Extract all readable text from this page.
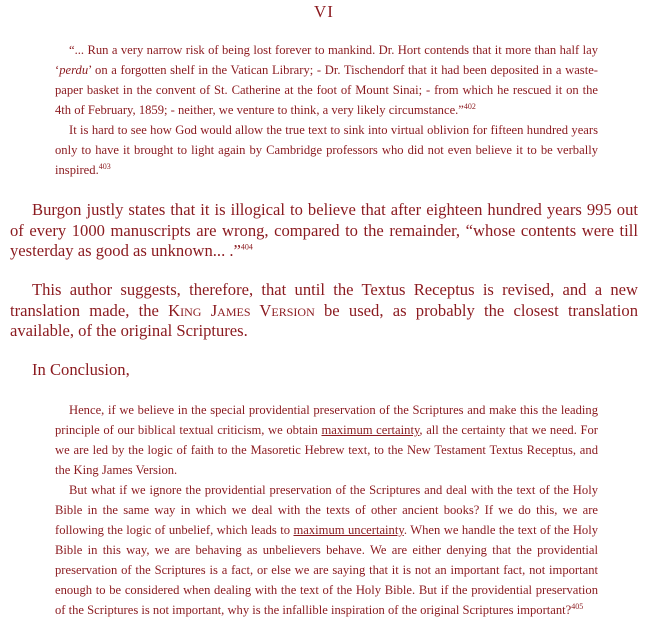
VI

“... Run a very narrow risk of being lost forever to mankind. Dr. Hort contends that it more than half lay ‘perdu’ on a forgotten shelf in the Vatican Library; - Dr. Tischendorf that it had been deposited in a waste-paper basket in the convent of St. Catherine at the foot of Mount Sinai; - from which he rescued it on the 4th of February, 1859; - neither, we venture to think, a very likely circumstance.”$^{402}$

It is hard to see how God would allow the true text to sink into virtual oblivion for fifteen hundred years only to have it brought to light again by Cambridge professors who did not even believe it to be verbally inspired.$^{403}$

Burgon justly states that it is illogical to believe that after eighteen hundred years 995 out of every 1000 manuscripts are wrong, compared to the remainder, “whose contents were till yesterday as good as unknown... .”$^{404}$

This author suggests, therefore, that until the Textus Receptus is revised, and a new translation made, the King James Version be used, as probably the closest translation available, of the original Scriptures.

In Conclusion,

Hence, if we believe in the special providential preservation of the Scriptures and make this the leading principle of our biblical textual criticism, we obtain maximum certainty, all the certainty that we need. For we are led by the logic of faith to the Masoretic Hebrew text, to the New Testament Textus Receptus, and the King James Version.

But what if we ignore the providential preservation of the Scriptures and deal with the text of the Holy Bible in the same way in which we deal with the texts of other ancient books? If we do this, we are following the logic of unbelief, which leads to maximum uncertainty. When we handle the text of the Holy Bible in this way, we are behaving as unbelievers behave. We are either denying that the providential preservation of the Scriptures is a fact, or else we are saying that it is not an important fact, not important enough to be considered when dealing with the text of the Holy Bible. But if the providential preservation of the Scriptures is not important, why is the infallible inspiration of the original Scriptures important?$^{405}$
